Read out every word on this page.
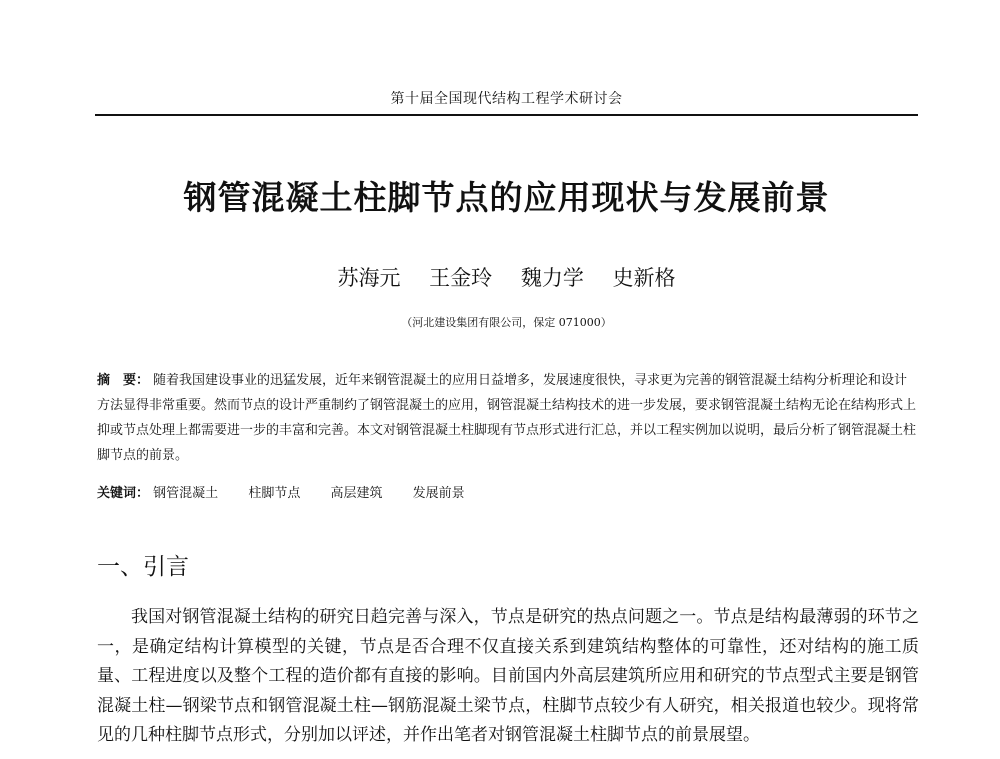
第十届全国现代结构工程学术研讨会
钢管混凝土柱脚节点的应用现状与发展前景
苏海元 王金玲 魏力学 史新格
（河北建设集团有限公司，保定 071000）
摘　要： 随着我国建设事业的迅猛发展，近年来钢管混凝土的应用日益增多，发展速度很快，寻求更为完善的钢管混凝土结构分析理论和设计方法显得非常重要。然而节点的设计严重制约了钢管混凝土的应用，钢管混凝土结构技术的进一步发展，要求钢管混凝土结构无论在结构形式上抑或节点处理上都需要进一步的丰富和完善。本文对钢管混凝土柱脚现有节点形式进行汇总，并以工程实例加以说明，最后分析了钢管混凝土柱脚节点的前景。
关键词： 钢管混凝土 柱脚节点 高层建筑 发展前景
一、引言
我国对钢管混凝土结构的研究日趋完善与深入，节点是研究的热点问题之一。节点是结构最薄弱的环节之一，是确定结构计算模型的关键，节点是否合理不仅直接关系到建筑结构整体的可靠性，还对结构的施工质量、工程进度以及整个工程的造价都有直接的影响。目前国内外高层建筑所应用和研究的节点型式主要是钢管混凝土柱—钢梁节点和钢管混凝土柱—钢筋混凝土梁节点，柱脚节点较少有人研究，相关报道也较少。现将常见的几种柱脚节点形式，分别加以评述，并作出笔者对钢管混凝土柱脚节点的前景展望。
